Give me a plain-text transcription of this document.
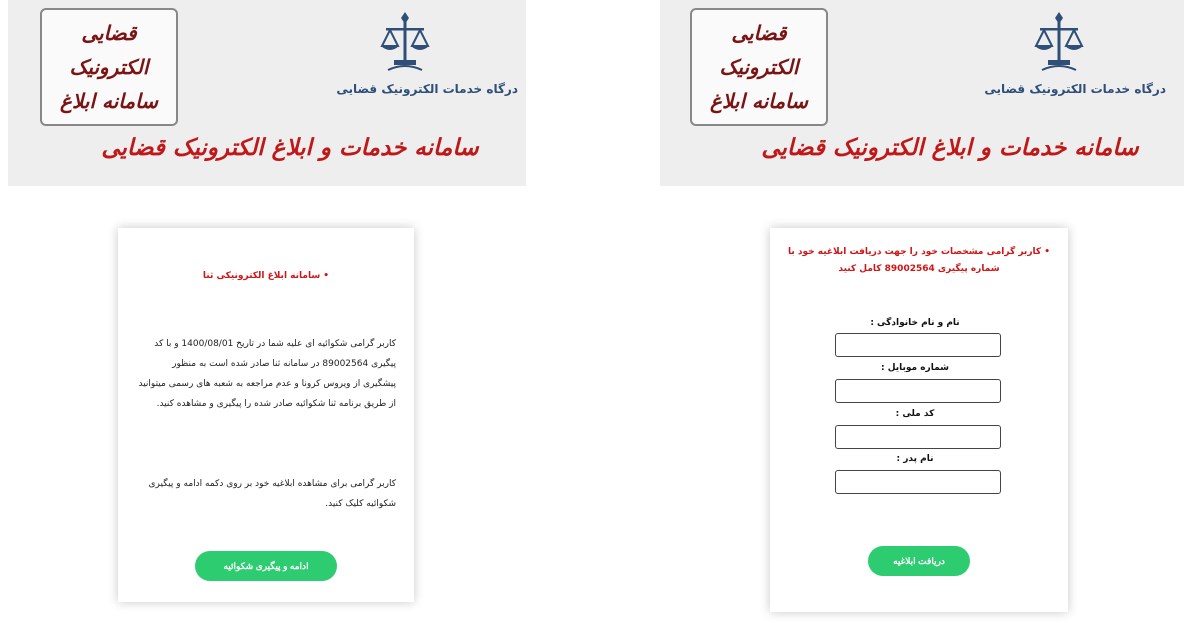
قضایی
الکترونیک
سامانه ابلاغ	درگاه خدمات الکترونیک قضایی
سامانه خدمات و ابلاغ الکترونیک قضایی
• سامانه ابلاغ الکترونیکی ثنا
کاربر گرامی شکوائیه ای علیه شما در تاریخ 1400/08/01 و با کد پیگیری 89002564 در سامانه ثنا صادر شده است به منظور پیشگیری از ویروس کرونا و عدم مراجعه به شعبه های رسمی میتوانید از طریق برنامه ثنا شکوائیه صادر شده را پیگیری و مشاهده کنید.
کاربر گرامی برای مشاهده ابلاغیه خود بر روی دکمه ادامه و پیگیری شکوائیه کلیک کنید.
ادامه و پیگیری شکوائیه
قضایی
الکترونیک
سامانه ابلاغ	درگاه خدمات الکترونیک قضایی
سامانه خدمات و ابلاغ الکترونیک قضایی
• کاربر گرامی مشخصات خود را جهت دریافت ابلاغیه خود با شماره پیگیری 89002564 کامل کنید
نام و نام خانوادگی :
شماره موبایل :
کد ملی :
نام پدر :
دریافت ابلاغیه
